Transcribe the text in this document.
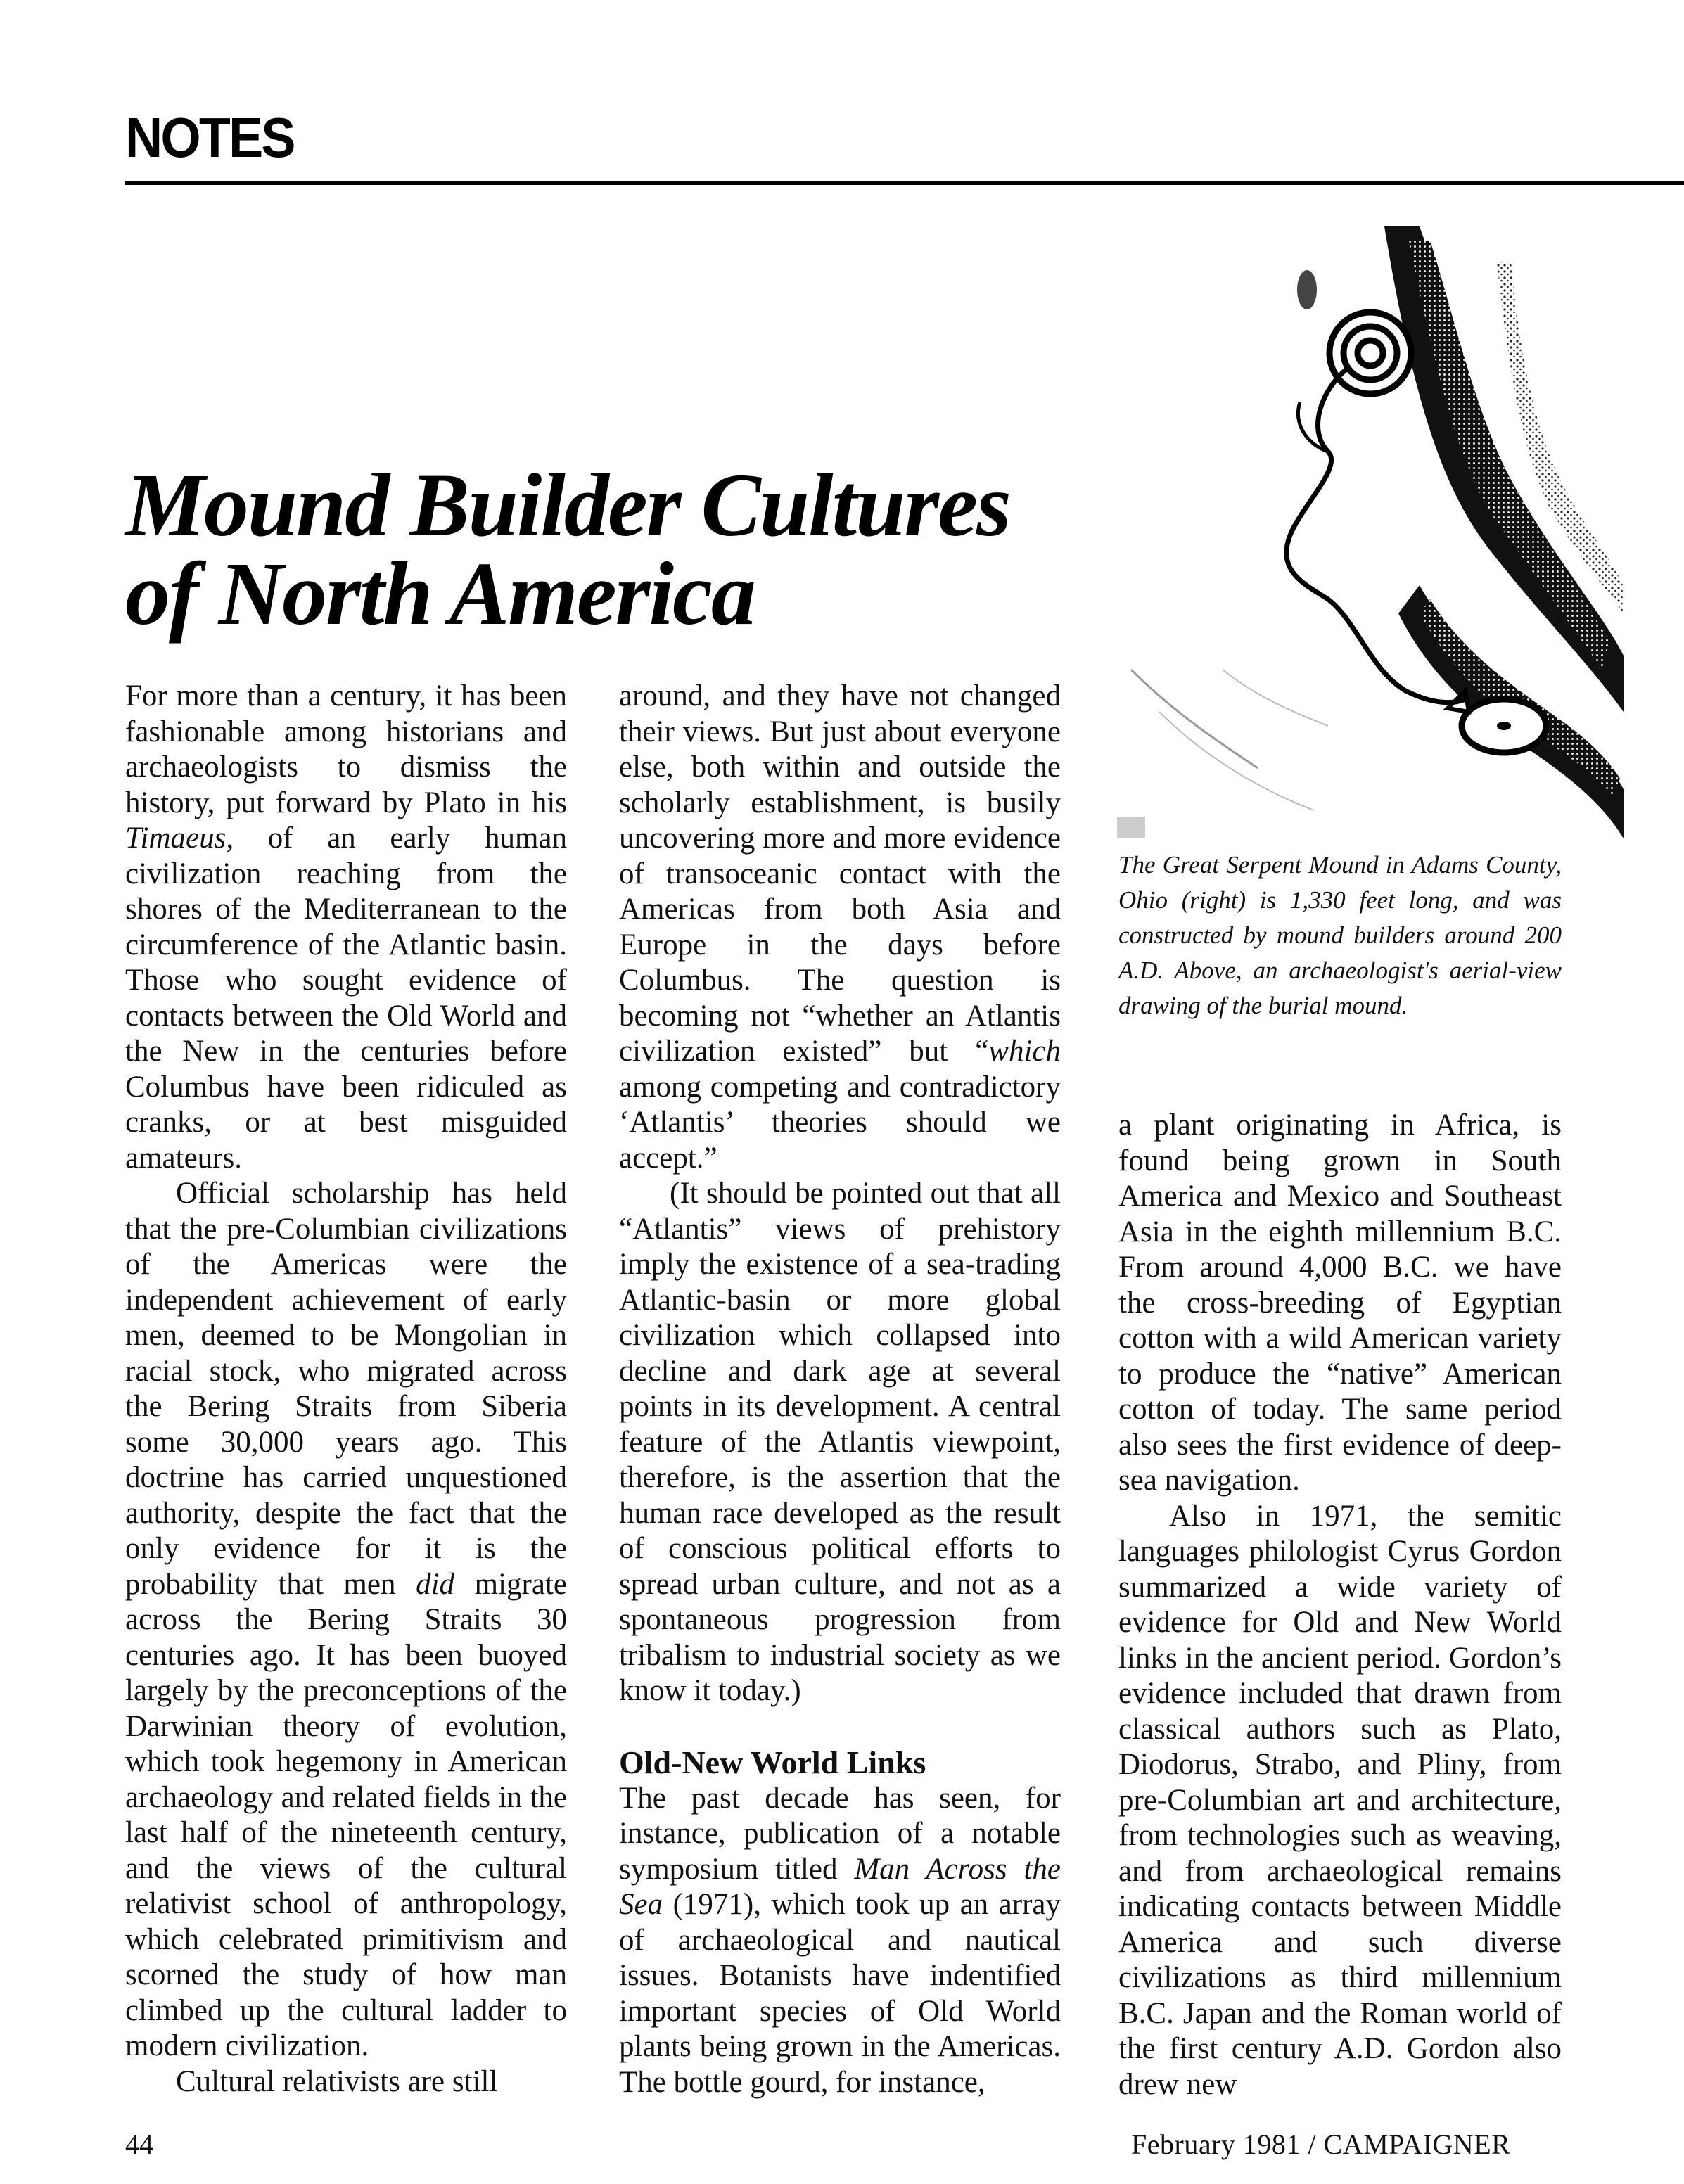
NOTES
Mound Builder Cultures
of North America
The Great Serpent Mound in Adams County, Ohio (right) is 1,330 feet long, and was constructed by mound builders around 200 A.D. Above, an archaeologist's aerial-view drawing of the burial mound.

For more than a century, it has been fashionable among historians and archaeologists to dismiss the history, put forward by Plato in his Timaeus, of an early human civilization reaching from the shores of the Mediterranean to the circumference of the Atlantic basin. Those who sought evidence of contacts between the Old World and the New in the centuries before Columbus have been ridiculed as cranks, or at best misguided amateurs.

Official scholarship has held that the pre-Columbian civilizations of the Americas were the independent achievement of early men, deemed to be Mongolian in racial stock, who migrated across the Bering Straits from Siberia some 30,000 years ago. This doctrine has carried unquestioned authority, despite the fact that the only evidence for it is the probability that men did migrate across the Bering Straits 30 centuries ago. It has been buoyed largely by the preconceptions of the Darwinian theory of evolution, which took hegemony in American archaeology and related fields in the last half of the nineteenth century, and the views of the cultural relativist school of anthropology, which celebrated primitivism and scorned the study of how man climbed up the cultural ladder to modern civilization.

Cultural relativists are still

around, and they have not changed their views. But just about everyone else, both within and outside the scholarly establishment, is busily uncovering more and more evidence of transoceanic contact with the Americas from both Asia and Europe in the days before Columbus. The question is becoming not “whether an Atlantis civilization existed” but “which among competing and contradictory ‘Atlantis’ theories should we accept.”

(It should be pointed out that all “Atlantis” views of prehistory imply the existence of a sea-trading Atlantic-basin or more global civilization which collapsed into decline and dark age at several points in its development. A central feature of the Atlantis viewpoint, therefore, is the assertion that the human race developed as the result of conscious political efforts to spread urban culture, and not as a spontaneous progression from tribalism to industrial society as we know it today.)

Old-New World Links

The past decade has seen, for instance, publication of a notable symposium titled Man Across the Sea (1971), which took up an array of archaeological and nautical issues. Botanists have indentified important species of Old World plants being grown in the Americas. The bottle gourd, for instance,

a plant originating in Africa, is found being grown in South America and Mexico and Southeast Asia in the eighth millennium B.C. From around 4,000 B.C. we have the cross-breeding of Egyptian cotton with a wild American variety to produce the “native” American cotton of today. The same period also sees the first evidence of deep-sea navigation.

Also in 1971, the semitic languages philologist Cyrus Gordon summarized a wide variety of evidence for Old and New World links in the ancient period. Gordon’s evidence included that drawn from classical authors such as Plato, Diodorus, Strabo, and Pliny, from pre-Columbian art and architecture, from technologies such as weaving, and from archaeological remains indicating contacts between Middle America and such diverse civilizations as third millennium B.C. Japan and the Roman world of the first century A.D. Gordon also drew new

44	February 1981 / CAMPAIGNER
